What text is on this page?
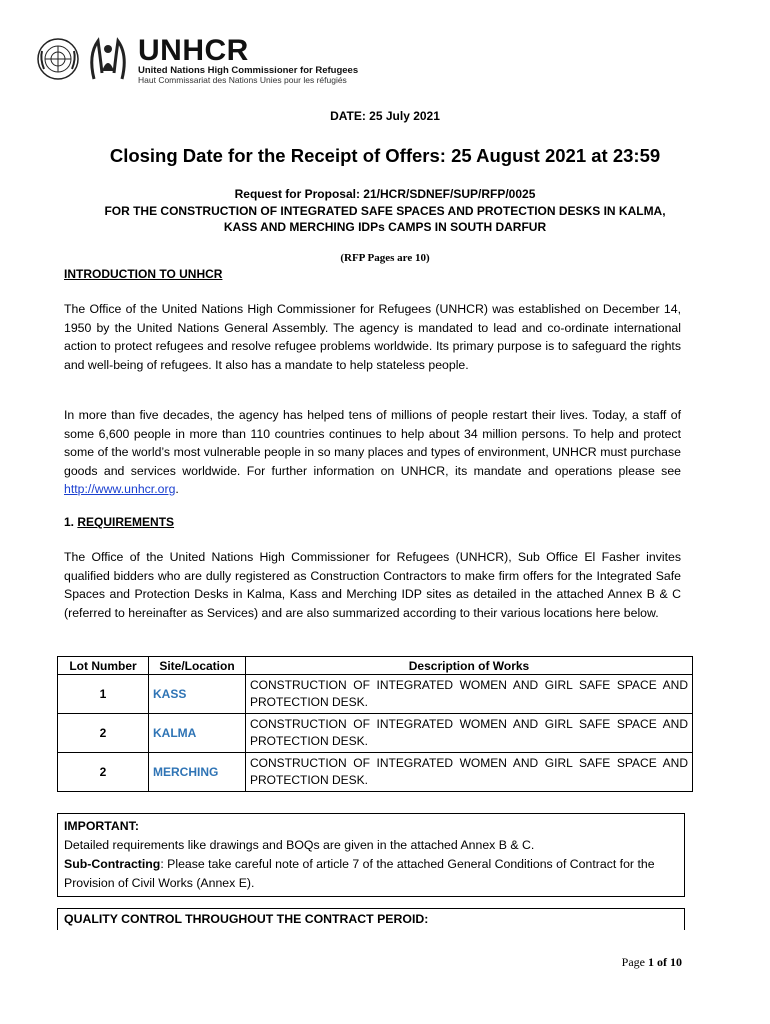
UNHCR
United Nations High Commissioner for Refugees
Haut Commissariat des Nations Unies pour les réfugiés
DATE: 25 July 2021
Closing Date for the Receipt of Offers: 25 August 2021 at 23:59
Request for Proposal: 21/HCR/SDNEF/SUP/RFP/0025
FOR THE CONSTRUCTION OF INTEGRATED SAFE SPACES AND PROTECTION DESKS IN KALMA,
KASS AND MERCHING IDPs CAMPS IN SOUTH DARFUR
(RFP Pages are 10)
INTRODUCTION TO UNHCR
The Office of the United Nations High Commissioner for Refugees (UNHCR) was established on December 14, 1950 by the United Nations General Assembly. The agency is mandated to lead and co-ordinate international action to protect refugees and resolve refugee problems worldwide. Its primary purpose is to safeguard the rights and well-being of refugees. It also has a mandate to help stateless people.
In more than five decades, the agency has helped tens of millions of people restart their lives. Today, a staff of some 6,600 people in more than 110 countries continues to help about 34 million persons. To help and protect some of the world’s most vulnerable people in so many places and types of environment, UNHCR must purchase goods and services worldwide. For further information on UNHCR, its mandate and operations please see http://www.unhcr.org.
1. REQUIREMENTS
The Office of the United Nations High Commissioner for Refugees (UNHCR), Sub Office El Fasher invites qualified bidders who are dully registered as Construction Contractors to make firm offers for the Integrated Safe Spaces and Protection Desks in Kalma, Kass and Merching IDP sites as detailed in the attached Annex B & C (referred to hereinafter as Services) and are also summarized according to their various locations here below.
Lot Number	Site/Location	Description of Works
1	KASS	CONSTRUCTION OF INTEGRATED WOMEN AND GIRL SAFE SPACE AND PROTECTION DESK.
2	KALMA	CONSTRUCTION OF INTEGRATED WOMEN AND GIRL SAFE SPACE AND PROTECTION DESK.
2	MERCHING	CONSTRUCTION OF INTEGRATED WOMEN AND GIRL SAFE SPACE AND PROTECTION DESK.
IMPORTANT:
Detailed requirements like drawings and BOQs are given in the attached Annex B & C.
Sub-Contracting: Please take careful note of article 7 of the attached General Conditions of Contract for the Provision of Civil Works (Annex E).
QUALITY CONTROL THROUGHOUT THE CONTRACT PEROID:
Page 1 of 10
